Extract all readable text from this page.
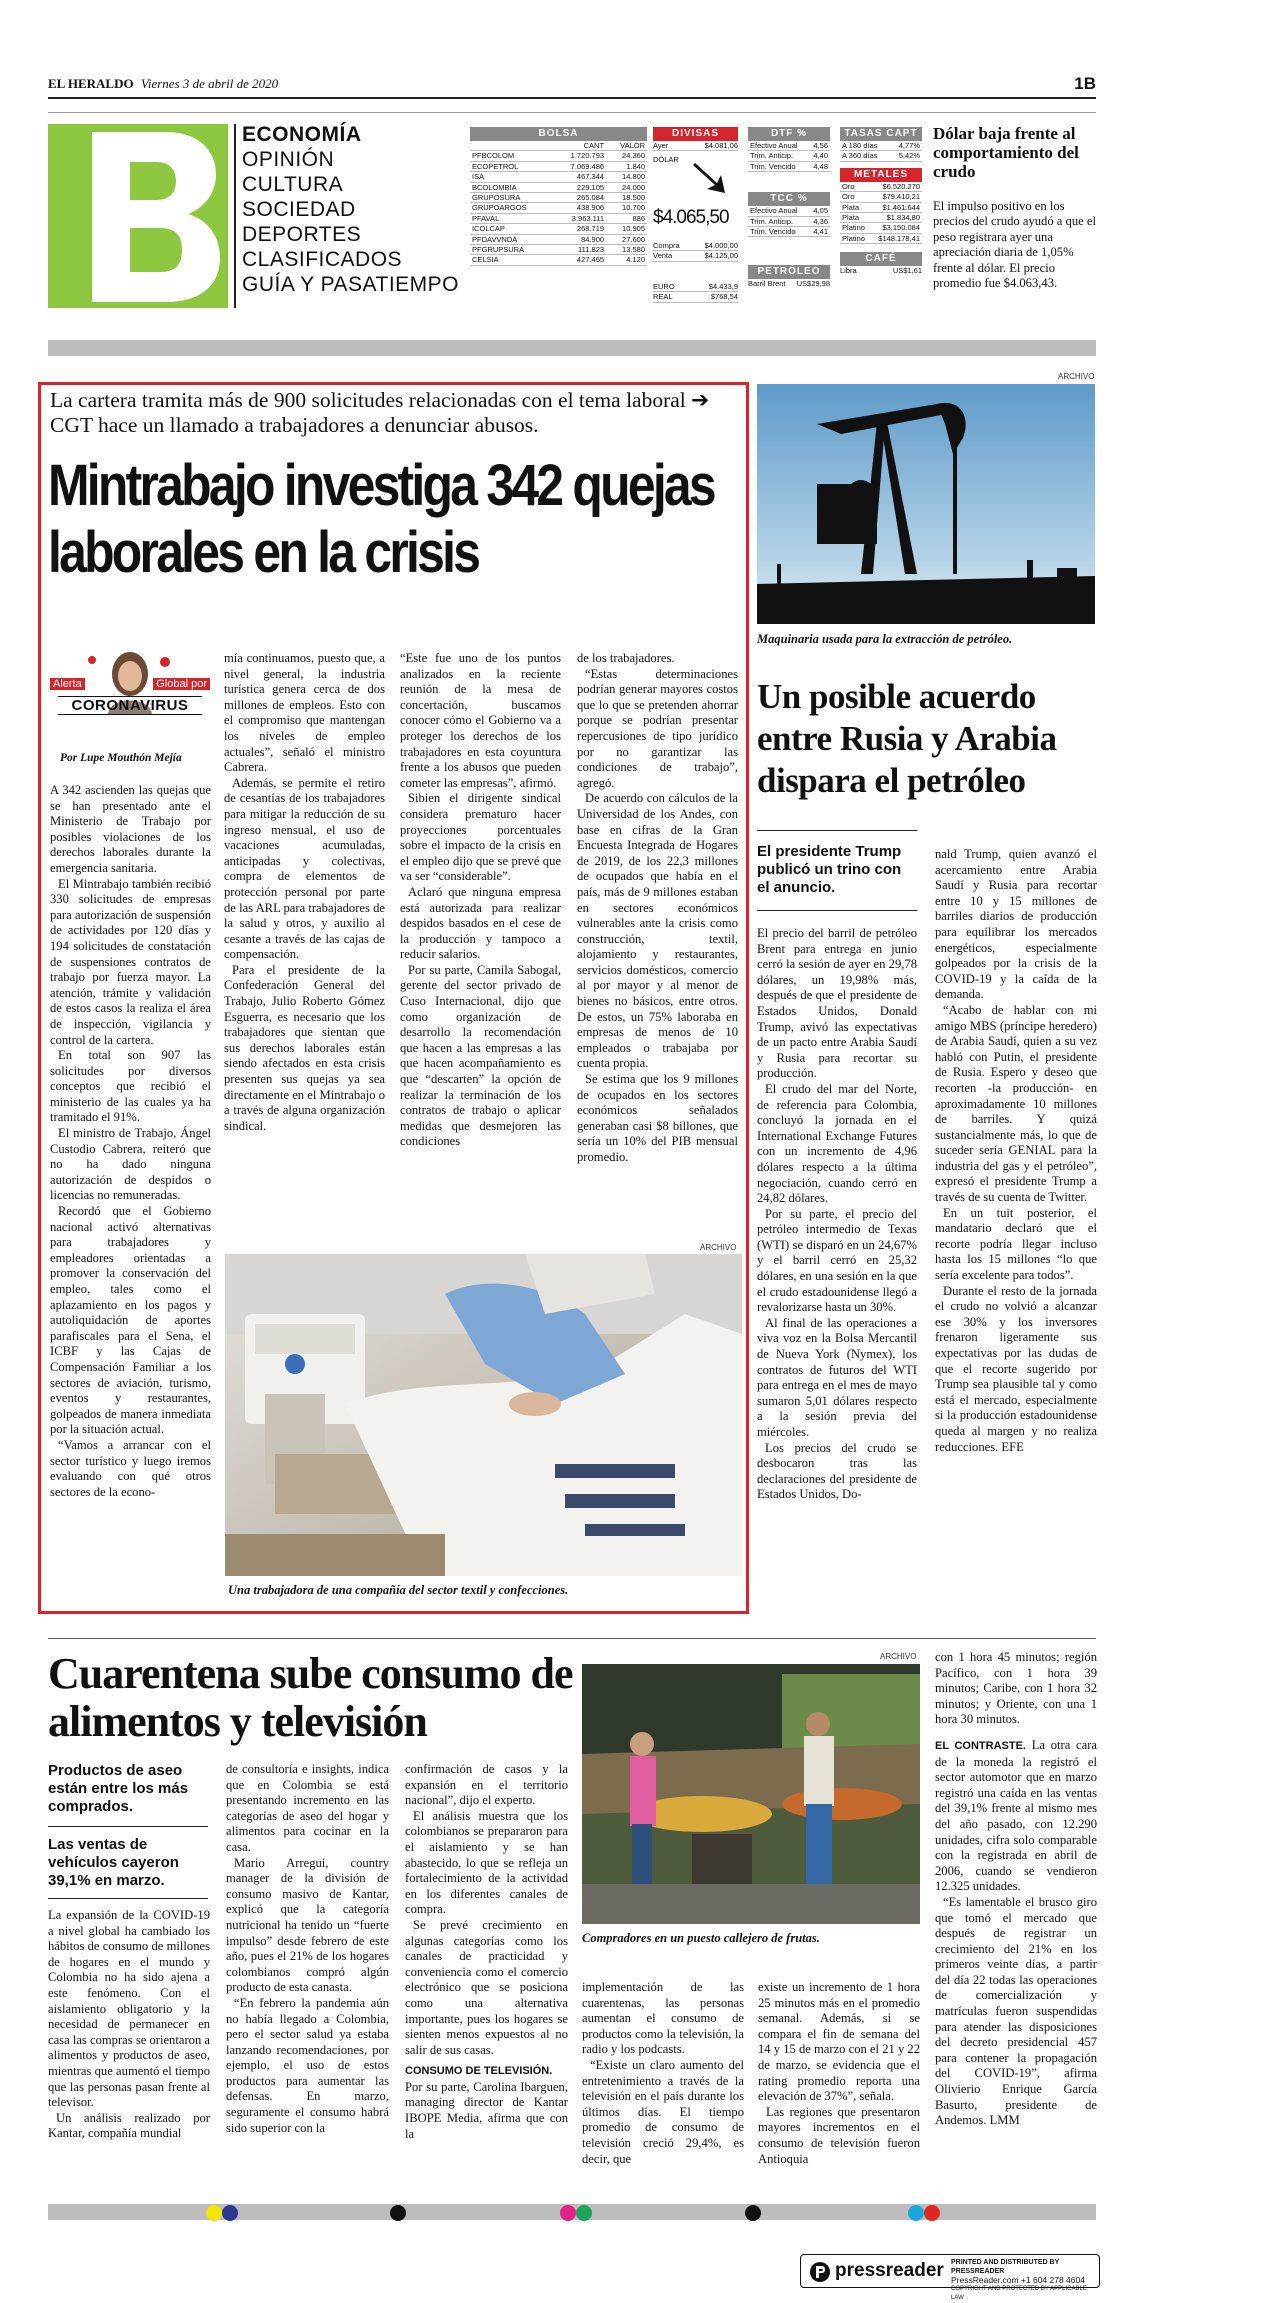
EL HERALDO Viernes 3 de abril de 2020	1B
ECONOMÍA
OPINIÓN
CULTURA
SOCIEDAD
DEPORTES
CLASIFICADOS
GUÍA Y PASATIEMPO
BOLSA
	CANT	VALOR
PFBCOLOM	1.720.793	24.360
ECOPETROL	7.069.486	1.840
ISA	467.344	14.800
BCOLOMBIA	229.105	24.000
GRUPOSURA	265.084	18.500
GRUPOARGOS	438.906	10.700
PFAVAL	3.963.111	886
ICOLCAP	268.719	10.905
PFDAVVNDA	84.900	27.600
PFGRUPSURA	111.823	13.580
CELSIA	427.465	4.120
DIVISAS
Ayer	$4.081,06
DÓLAR
$4.065,50
Compra	$4.000,00
Venta	$4.125,00
EURO	$4.433,9
REAL	$768,54
DTF %
Efectivo Anual	4,56
Trim. Anticip.	4,40
Trim. Vencido	4,48
TCC %
Efectivo Anual	4,05
Trim. Anticip.	4,36
Trim. Vencido	4,41
PETRÓLEO
Barril Brent US$29,98
TASAS CAPT
A 180 días	4,77%
A 360 días	5,42%
METALES
Oro	$6.520.270
Oro	$79.410,21
Plata	$1.461.644
Plata	$1.834,80
Platino	$3.150.084
Platino	$148.178,41
CAFÉ
Libra	US$1,61
Dólar baja frente al comportamiento del crudo
El impulso positivo en los precios del crudo ayudó a que el peso registrara ayer una apreciación diaria de 1,05% frente al dólar. El precio promedio fue $4.063,43.
La cartera tramita más de 900 solicitudes relacionadas con el tema laboral ➔ CGT hace un llamado a trabajadores a denunciar abusos.
Mintrabajo investiga 342 quejas laborales en la crisis
Alerta	Global por
CORONAVIRUS
Por Lupe Mouthón Mejía

A 342 ascienden las quejas que se han presentado ante el Ministerio de Trabajo por posibles violaciones de los derechos laborales durante la emergencia sanitaria.

El Mintrabajo también recibió 330 solicitudes de empresas para autorización de suspensión de actividades por 120 días y 194 solicitudes de constatación de suspensiones contratos de trabajo por fuerza mayor. La atención, trámite y validación de estos casos la realiza el área de inspección, vigilancia y control de la cartera.

En total son 907 las solicitudes por diversos conceptos que recibió el ministerio de las cuales ya ha tramitado el 91%.

El ministro de Trabajo, Ángel Custodio Cabrera, reiteró que no ha dado ninguna autorización de despidos o licencias no remuneradas.

Recordó que el Gobierno nacional activó alternativas para trabajadores y empleadores orientadas a promover la conservación del empleo, tales como el aplazamiento en los pagos y autoliquidación de aportes parafiscales para el Sena, el ICBF y las Cajas de Compensación Familiar a los sectores de aviación, turismo, eventos y restaurantes, golpeados de manera inmediata por la situación actual.

“Vamos a arrancar con el sector turístico y luego iremos evaluando con qué otros sectores de la econo-

mía continuamos, puesto que, a nivel general, la industria turística genera cerca de dos millones de empleos. Esto con el compromiso que mantengan los niveles de empleo actuales”, señaló el ministro Cabrera.

Además, se permite el retiro de cesantías de los trabajadores para mitigar la reducción de su ingreso mensual, el uso de vacaciones acumuladas, anticipadas y colectivas, compra de elementos de protección personal por parte de las ARL para trabajadores de la salud y otros, y auxilio al cesante a través de las cajas de compensación.

Para el presidente de la Confederación General del Trabajo, Julio Roberto Gómez Esguerra, es necesario que los trabajadores que sientan que sus derechos laborales están siendo afectados en esta crisis presenten sus quejas ya sea directamente en el Mintrabajo o a través de alguna organización sindical.

“Este fue uno de los puntos analizados en la reciente reunión de la mesa de concertación, buscamos conocer cómo el Gobierno va a proteger los derechos de los trabajadores en esta coyuntura frente a los abusos que pueden cometer las empresas”, afirmó.

Sibien el dirigente sindical considera prematuro hacer proyecciones porcentuales sobre el impacto de la crisis en el empleo dijo que se prevé que va ser “considerable”.

Aclaró que ninguna empresa está autorizada para realizar despidos basados en el cese de la producción y tampoco a reducir salarios.

Por su parte, Camila Sabogal, gerente del sector privado de Cuso Internacional, dijo que como organización de desarrollo la recomendación que hacen a las empresas a las que hacen acompañamiento es que “descarten” la opción de realizar la terminación de los contratos de trabajo o aplicar medidas que desmejoren las condiciones

de los trabajadores.

“Estas determinaciones podrían generar mayores costos que lo que se pretenden ahorrar porque se podrían presentar repercusiones de tipo jurídico por no garantizar las condiciones de trabajo”, agregó.

De acuerdo con cálculos de la Universidad de los Andes, con base en cifras de la Gran Encuesta Integrada de Hogares de 2019, de los 22,3 millones de ocupados que había en el país, más de 9 millones estaban en sectores económicos vulnerables ante la crisis como construcción, textil, alojamiento y restaurantes, servicios domésticos, comercio al por mayor y al menor de bienes no básicos, entre otros. De estos, un 75% laboraba en empresas de menos de 10 empleados o trabajaba por cuenta propia.

Se estima que los 9 millones de ocupados en los sectores económicos señalados generaban casi $8 billones, que sería un 10% del PIB mensual promedio.

ARCHIVO
Una trabajadora de una compañía del sector textil y confecciones.
ARCHIVO
Maquinaria usada para la extracción de petróleo.
Un posible acuerdo entre Rusia y Arabia dispara el petróleo
El presidente Trump publicó un trino con el anuncio.

El precio del barril de petróleo Brent para entrega en junio cerró la sesión de ayer en 29,78 dólares, un 19,98% más, después de que el presidente de Estados Unidos, Donald Trump, avivó las expectativas de un pacto entre Arabia Saudí y Rusia para recortar su producción.

El crudo del mar del Norte, de referencia para Colombia, concluyó la jornada en el International Exchange Futures con un incremento de 4,96 dólares respecto a la última negociación, cuando cerró en 24,82 dólares.

Por su parte, el precio del petróleo intermedio de Texas (WTI) se disparó en un 24,67% y el barril cerró en 25,32 dólares, en una sesión en la que el crudo estadounidense llegó a revalorizarse hasta un 30%.

Al final de las operaciones a viva voz en la Bolsa Mercantil de Nueva York (Nymex), los contratos de futuros del WTI para entrega en el mes de mayo sumaron 5,01 dólares respecto a la sesión previa del miércoles.

Los precios del crudo se desbocaron tras las declaraciones del presidente de Estados Unidos, Do-

nald Trump, quien avanzó el acercamiento entre Arabia Saudí y Rusia para recortar entre 10 y 15 millones de barriles diarios de producción para equilibrar los mercados energéticos, especialmente golpeados por la crisis de la COVID-19 y la caída de la demanda.

“Acabo de hablar con mi amigo MBS (príncipe heredero) de Arabia Saudí, quien a su vez habló con Putin, el presidente de Rusia. Espero y deseo que recorten -la producción- en aproximadamente 10 millones de barriles. Y quizá sustancialmente más, lo que de suceder sería GENIAL para la industria del gas y el petróleo”, expresó el presidente Trump a través de su cuenta de Twitter.

En un tuit posterior, el mandatario declaró que el recorte podría llegar incluso hasta los 15 millones “lo que sería excelente para todos”.

Durante el resto de la jornada el crudo no volvió a alcanzar ese 30% y los inversores frenaron ligeramente sus expectativas por las dudas de que el recorte sugerido por Trump sea plausible tal y como está el mercado, especialmente si la producción estadounidense queda al margen y no realiza reducciones. EFE

Cuarentena sube consumo de alimentos y televisión
Productos de aseo están entre los más comprados.
Las ventas de vehículos cayeron 39,1% en marzo.

La expansión de la COVID-19 a nivel global ha cambiado los hábitos de consumo de millones de hogares en el mundo y Colombia no ha sido ajena a este fenómeno. Con el aislamiento obligatorio y la necesidad de permanecer en casa las compras se orientaron a alimentos y productos de aseo, mientras que aumentó el tiempo que las personas pasan frente al televisor.

Un análisis realizado por Kantar, compañía mundial

de consultoría e insights, indica que en Colombia se está presentando incremento en las categorías de aseo del hogar y alimentos para cocinar en la casa.

Mario Arregui, country manager de la división de consumo masivo de Kantar, explicó que la categoría nutricional ha tenido un “fuerte impulso” desde febrero de este año, pues el 21% de los hogares colombianos compró algún producto de esta canasta.

“En febrero la pandemia aún no había llegado a Colombia, pero el sector salud ya estaba lanzando recomendaciones, por ejemplo, el uso de estos productos para aumentar las defensas. En marzo, seguramente el consumo habrá sido superior con la

confirmación de casos y la expansión en el territorio nacional”, dijo el experto.

El análisis muestra que los colombianos se prepararon para el aislamiento y se han abastecido, lo que se refleja un fortalecimiento de la actividad en los diferentes canales de compra.

Se prevé crecimiento en algunas categorías como los canales de practicidad y conveniencia como el comercio electrónico que se posiciona como una alternativa importante, pues los hogares se sienten menos expuestos al no salir de sus casas.

CONSUMO DE TELEVISIÓN.

Por su parte, Carolina Ibarguen, managing director de Kantar IBOPE Media, afirma que con la

implementación de las cuarentenas, las personas aumentan el consumo de productos como la televisión, la radio y los podcasts.

“Existe un claro aumento del entretenimiento a través de la televisión en el país durante los últimos días. El tiempo promedio de consumo de televisión creció 29,4%, es decir, que

existe un incremento de 1 hora 25 minutos más en el promedio semanal. Además, si se compara el fin de semana del 14 y 15 de marzo con el 21 y 22 de marzo, se evidencia que el rating promedio reporta una elevación de 37%”, señala.

Las regiones que presentaron mayores incrementos en el consumo de televisión fueron Antioquia

con 1 hora 45 minutos; región Pacífico, con 1 hora 39 minutos; Caribe, con 1 hora 32 minutos; y Oriente, con una 1 hora 30 minutos.

EL CONTRASTE. La otra cara de la moneda la registró el sector automotor que en marzo registró una caída en las ventas del 39,1% frente al mismo mes del año pasado, con 12.290 unidades, cifra solo comparable con la registrada en abril de 2006, cuando se vendieron 12.325 unidades.

“Es lamentable el brusco giro que tomó el mercado que después de registrar un crecimiento del 21% en los primeros veinte días, a partir del día 22 todas las operaciones de comercialización y matrículas fueron suspendidas para atender las disposiciones del decreto presidencial 457 para contener la propagación del COVID-19”, afirma Olivierio Enrique García Basurto, presidente de Andemos. LMM

ARCHIVO
Compradores en un puesto callejero de frutas.
pressreader PRINTED AND DISTRIBUTED BY PRESSREADER
PressReader.com +1 604 278 4604
COPYRIGHT AND PROTECTED BY APPLICABLE LAW
